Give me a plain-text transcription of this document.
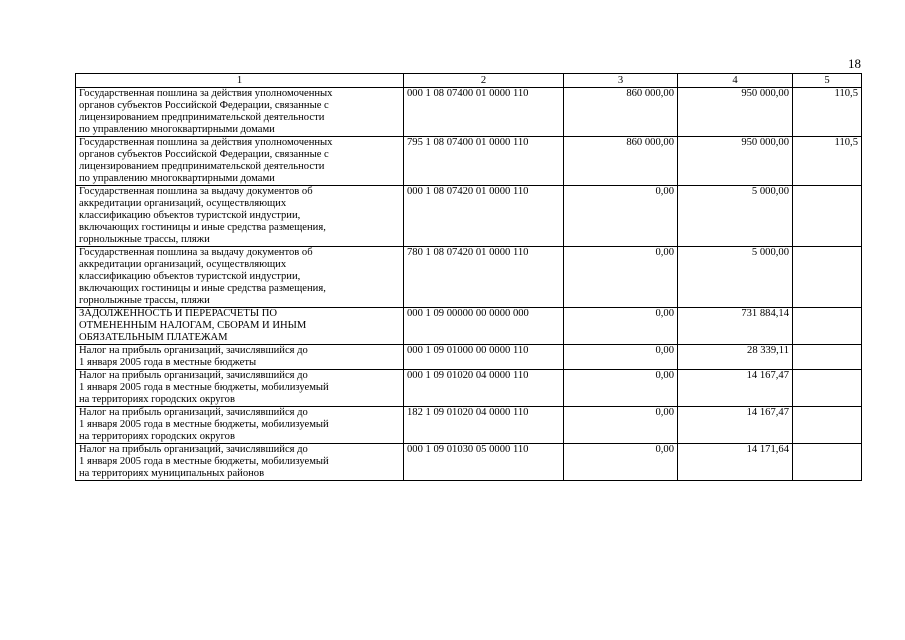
18
1	2	3	4	5

Государственная пошлина за действия уполномоченных
органов субъектов Российской Федерации, связанные с
лицензированием предпринимательской деятельности
по управлению многоквартирными домами	000 1 08 07400 01 0000 110	860 000,00	950 000,00	110,5

Государственная пошлина за действия уполномоченных
органов субъектов Российской Федерации, связанные с
лицензированием предпринимательской деятельности
по управлению многоквартирными домами	795 1 08 07400 01 0000 110	860 000,00	950 000,00	110,5

Государственная пошлина за выдачу документов об
аккредитации организаций, осуществляющих
классификацию объектов туристской индустрии,
включающих гостиницы и иные средства размещения,
горнолыжные трассы, пляжи	000 1 08 07420 01 0000 110	0,00	5 000,00	

Государственная пошлина за выдачу документов об
аккредитации организаций, осуществляющих
классификацию объектов туристской индустрии,
включающих гостиницы и иные средства размещения,
горнолыжные трассы, пляжи	780 1 08 07420 01 0000 110	0,00	5 000,00	

ЗАДОЛЖЕННОСТЬ И ПЕРЕРАСЧЕТЫ ПО
ОТМЕНЕННЫМ НАЛОГАМ, СБОРАМ И ИНЫМ
ОБЯЗАТЕЛЬНЫМ ПЛАТЕЖАМ	000 1 09 00000 00 0000 000	0,00	731 884,14	

Налог на прибыль организаций, зачислявшийся до
1 января 2005 года в местные бюджеты	000 1 09 01000 00 0000 110	0,00	28 339,11	

Налог на прибыль организаций, зачислявшийся до
1 января 2005 года в местные бюджеты, мобилизуемый
на территориях городских округов	000 1 09 01020 04 0000 110	0,00	14 167,47	

Налог на прибыль организаций, зачислявшийся до
1 января 2005 года в местные бюджеты, мобилизуемый
на территориях городских округов	182 1 09 01020 04 0000 110	0,00	14 167,47	

Налог на прибыль организаций, зачислявшийся до
1 января 2005 года в местные бюджеты, мобилизуемый
на территориях муниципальных районов	000 1 09 01030 05 0000 110	0,00	14 171,64	
